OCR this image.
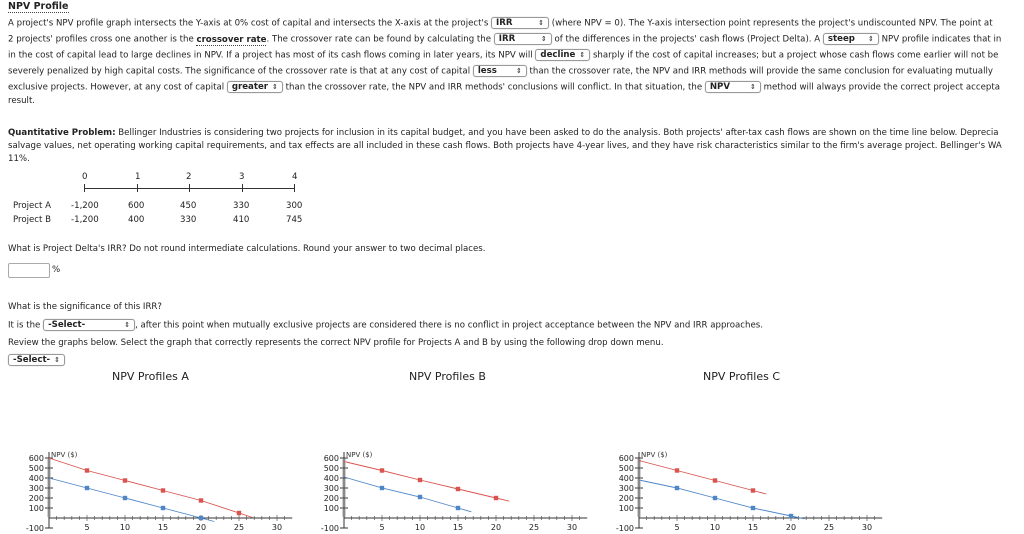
NPV Profile
A project's NPV profile graph intersects the Y-axis at 0% cost of capital and intersects the X-axis at the project's IRR	⇕ (where NPV = 0). The Y-axis intersection point represents the project's undiscounted NPV. The point at
2 projects' profiles cross one another is the crossover rate. The crossover rate can be found by calculating the IRR	⇕ of the differences in the projects' cash flows (Project Delta). A steep ⇕ NPV profile indicates that in
in the cost of capital lead to large declines in NPV. If a project has most of its cash flows coming in later years, its NPV will decline ⇕ sharply if the cost of capital increases; but a project whose cash flows come earlier will not be
severely penalized by high capital costs. The significance of the crossover rate is that at any cost of capital less	⇕ than the crossover rate, the NPV and IRR methods will provide the same conclusion for evaluating mutually
exclusive projects. However, at any cost of capital greater ⇕ than the crossover rate, the NPV and IRR methods' conclusions will conflict. In that situation, the NPV	⇕ method will always provide the correct project accepta
result.
Quantitative Problem: Bellinger Industries is considering two projects for inclusion in its capital budget, and you have been asked to do the analysis. Both projects' after-tax cash flows are shown on the time line below. Deprecia
salvage values, net operating working capital requirements, and tax effects are all included in these cash flows. Both projects have 4-year lives, and they have risk characteristics similar to the firm's average project. Bellinger's WA
11%.
0	1	2	3	4
Project A -1,200	600	450	330	300
Project B -1,200	400	330	410	745
What is Project Delta's IRR? Do not round intermediate calculations. Round your answer to two decimal places.
%
What is the significance of this IRR?
It is the -Select-	⇕ , after this point when mutually exclusive projects are considered there is no conflict in project acceptance between the NPV and IRR approaches.
Review the graphs below. Select the graph that correctly represents the correct NPV profile for Projects A and B by using the following drop down menu.
-Select- ⇕
NPV Profiles A	NPV Profiles B	NPV Profiles C
NPV ($)
600
500
400
300
200
100
-100	5	10	15	20	25	30
NPV ($)
600
500
400
300
200
100
-100	5	10	15	20	25	30
NPV ($)
600
500
400
300
200
100
-100	5	10	15	20	25	30
